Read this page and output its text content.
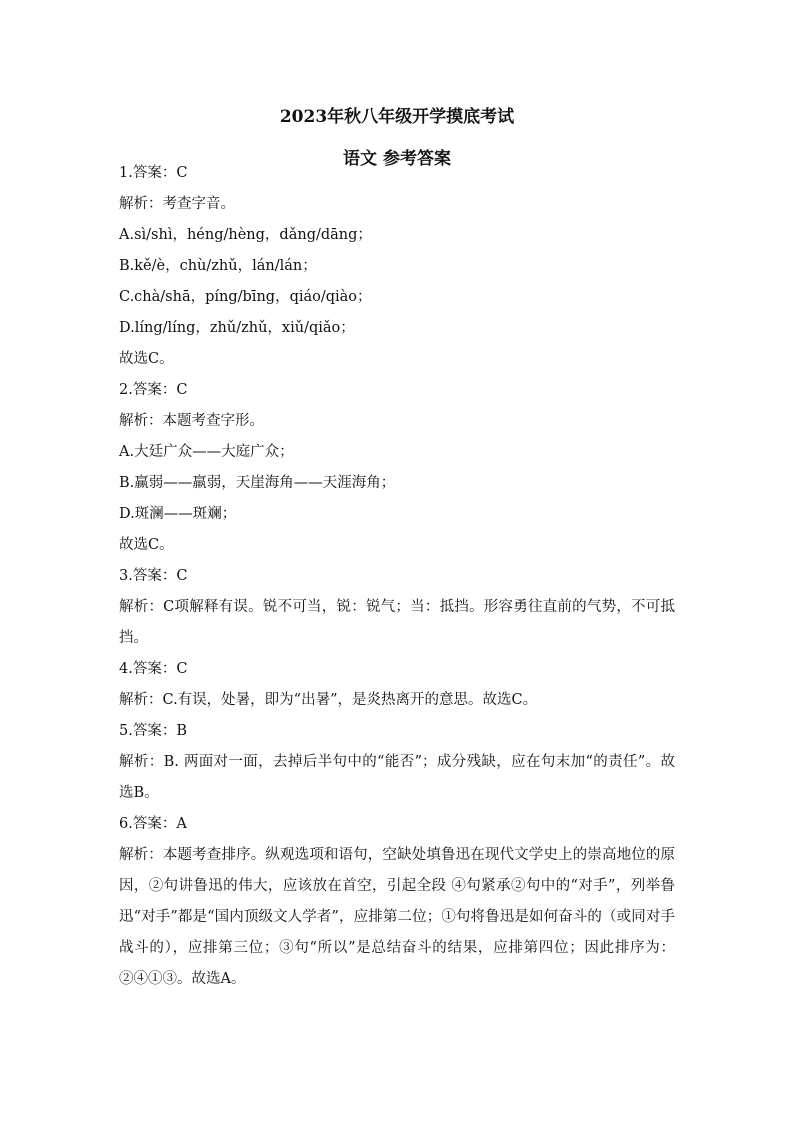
2023年秋八年级开学摸底考试
语文 参考答案

1.答案：C

解析：考查字音。

A.sì/shì，héng/hèng，dǎng/dāng；

B.kě/è，chù/zhǔ，lán/lán；

C.chà/shā，píng/bīng，qiáo/qiào；

D.líng/líng，zhǔ/zhǔ，xiǔ/qiǎo；

故选C。

2.答案：C

解析：本题考查字形。

A.大廷广众——大庭广众；

B.赢弱——羸弱，天崖海角——天涯海角；

D.斑澜——斑斓；

故选C。

3.答案：C

解析：C项解释有误。锐不可当，锐：锐气；当：抵挡。形容勇往直前的气势，不可抵挡。

4.答案：C

解析：C.有误，处暑，即为“出暑”，是炎热离开的意思。故选C。

5.答案：B

解析：B. 两面对一面，去掉后半句中的“能否”；成分残缺，应在句末加“的责任”。故选B。

6.答案：A

解析：本题考查排序。纵观选项和语句，空缺处填鲁迅在现代文学史上的崇高地位的原因，②句讲鲁迅的伟大，应该放在首空，引起全段 ④句紧承②句中的“对手”，列举鲁迅“对手”都是“国内顶级文人学者”，应排第二位；①句将鲁迅是如何奋斗的（或同对手战斗的），应排第三位；③句“所以”是总结奋斗的结果，应排第四位；因此排序为：②④①③。故选A。
